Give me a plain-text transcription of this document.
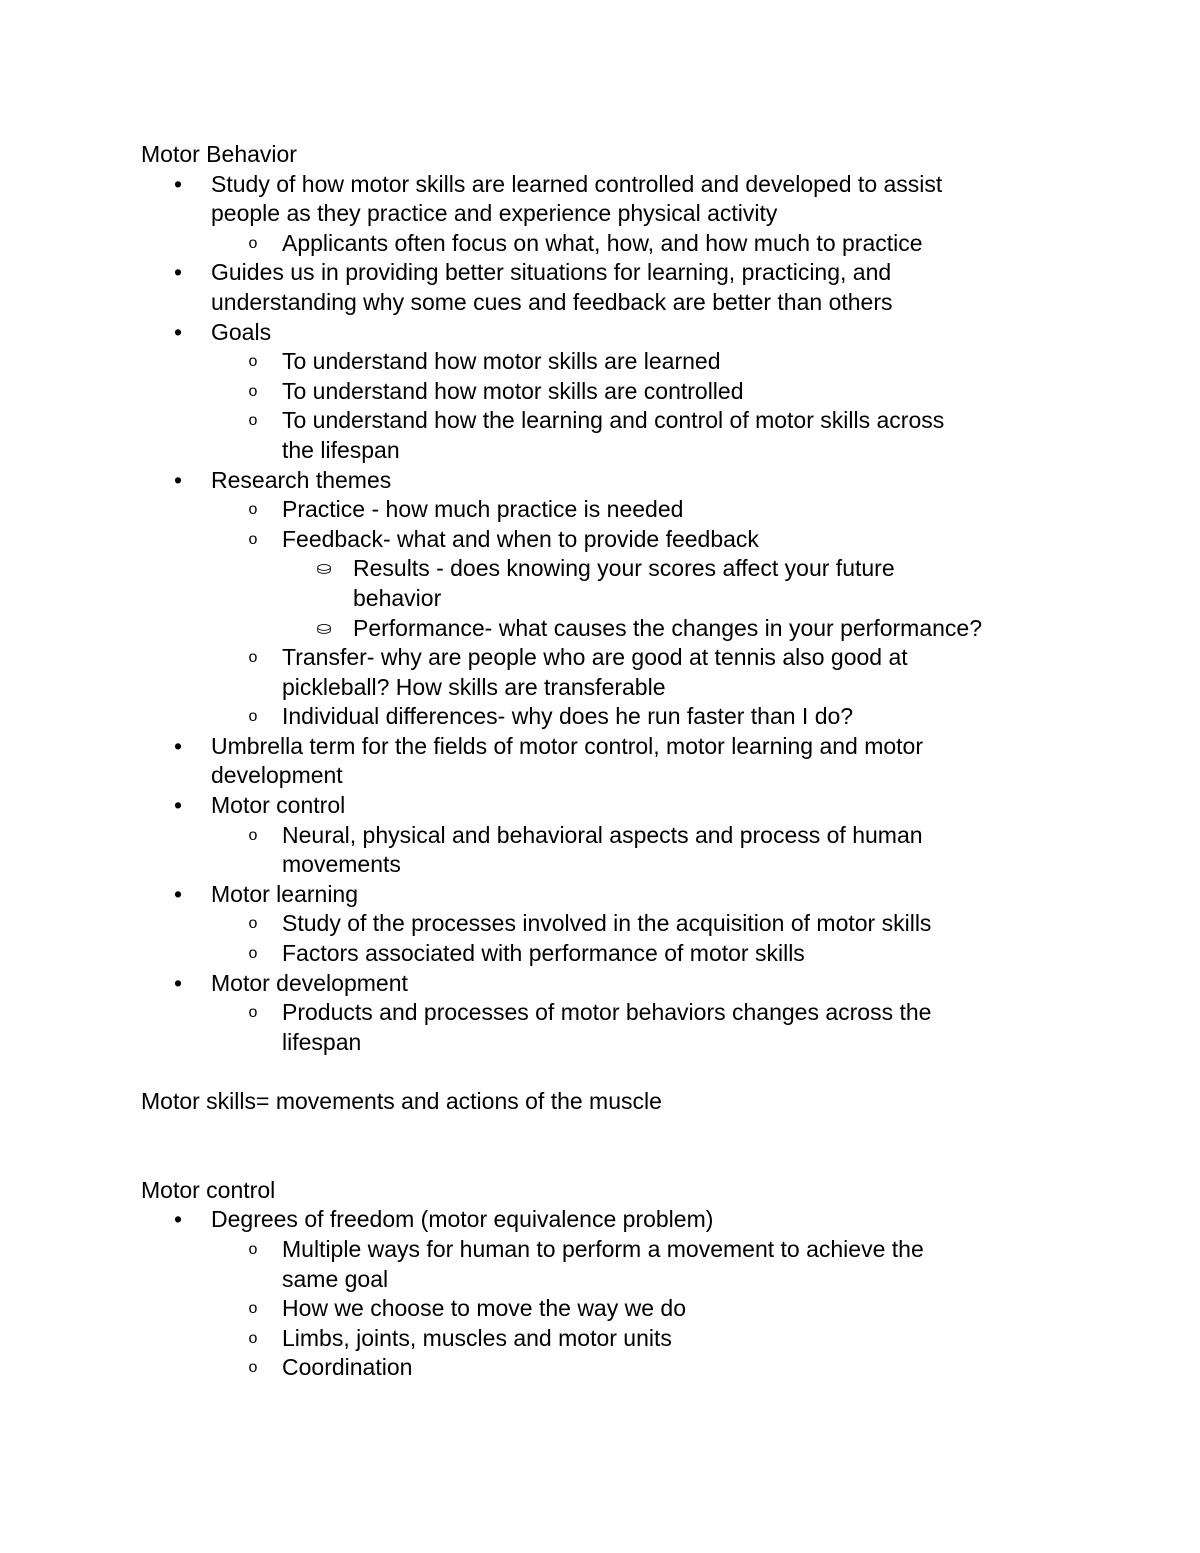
Motor Behavior
• Study of how motor skills are learned controlled and developed to assist
people as they practice and experience physical activity
o Applicants often focus on what, how, and how much to practice
• Guides us in providing better situations for learning, practicing, and
understanding why some cues and feedback are better than others
• Goals
o To understand how motor skills are learned
o To understand how motor skills are controlled
o To understand how the learning and control of motor skills across
the lifespan
• Research themes
o Practice - how much practice is needed
o Feedback- what and when to provide feedback
⛀ Results - does knowing your scores affect your future
behavior
⛀ Performance- what causes the changes in your performance?
o Transfer- why are people who are good at tennis also good at
pickleball? How skills are transferable
o Individual differences- why does he run faster than I do?
• Umbrella term for the fields of motor control, motor learning and motor
development
• Motor control
o Neural, physical and behavioral aspects and process of human
movements
• Motor learning
o Study of the processes involved in the acquisition of motor skills
o Factors associated with performance of motor skills
• Motor development
o Products and processes of motor behaviors changes across the
lifespan
Motor skills= movements and actions of the muscle
Motor control
• Degrees of freedom (motor equivalence problem)
o Multiple ways for human to perform a movement to achieve the
same goal
o How we choose to move the way we do
o Limbs, joints, muscles and motor units
o Coordination
